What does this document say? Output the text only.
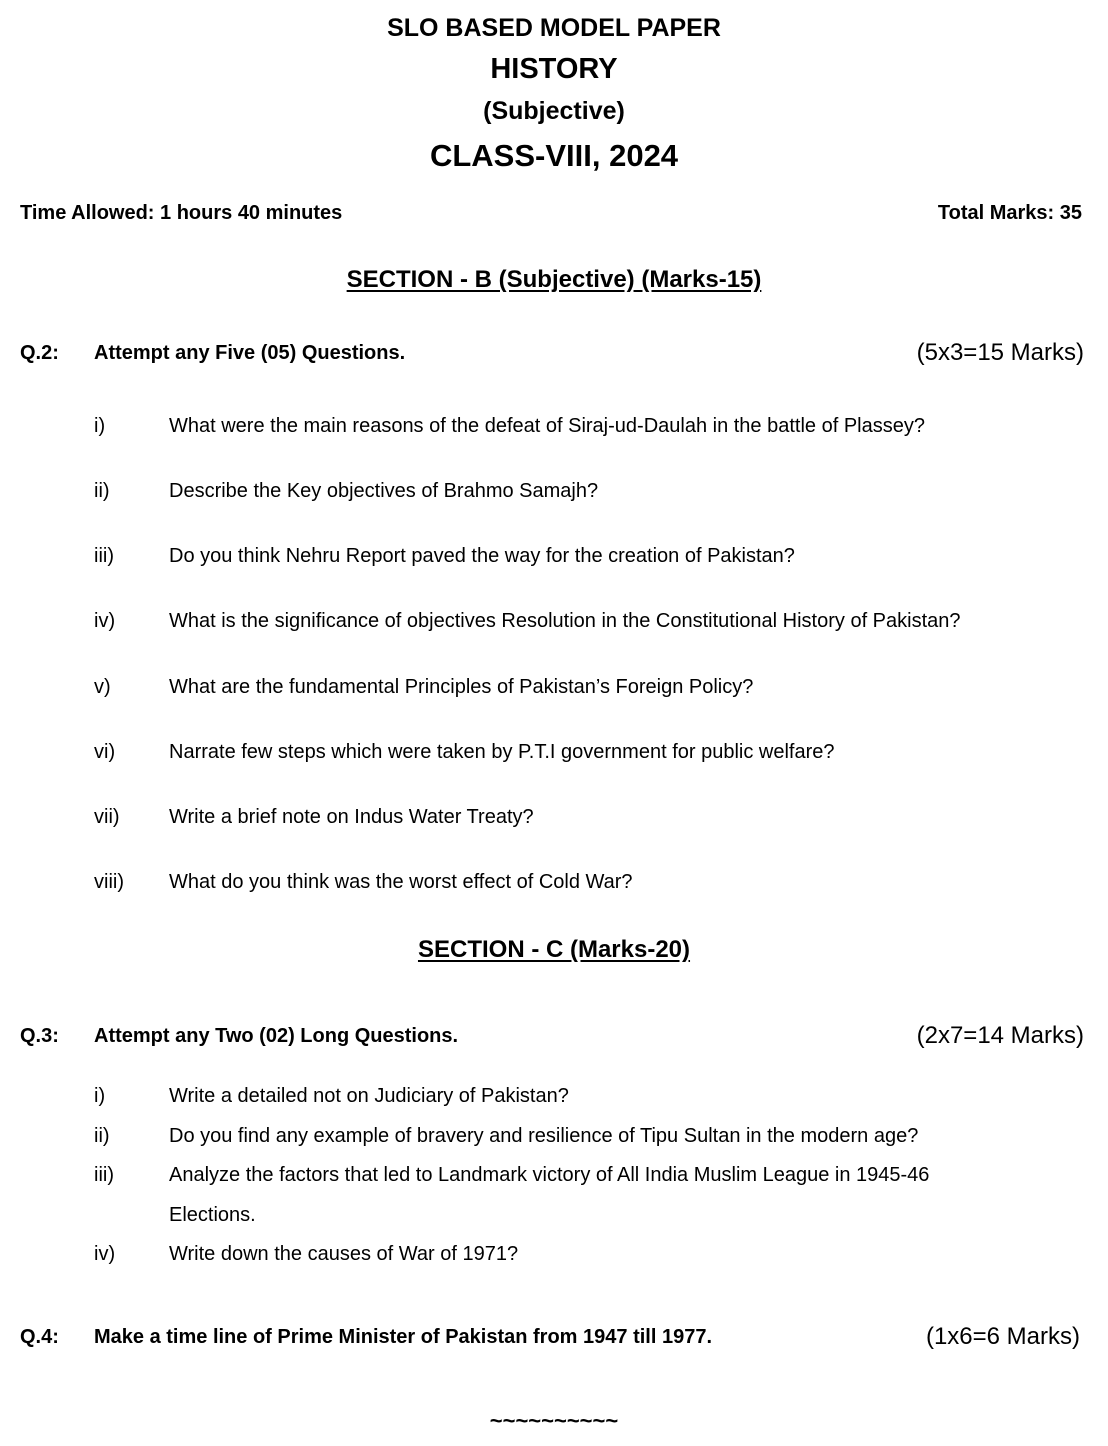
SLO BASED MODEL PAPER
HISTORY
(Subjective)
CLASS-VIII, 2024
Time Allowed: 1 hours 40 minutes	Total Marks: 35
SECTION - B (Subjective) (Marks-15)
Q.2: Attempt any Five (05) Questions.	(5x3=15 Marks)
i)	What were the main reasons of the defeat of Siraj-ud-Daulah in the battle of Plassey?
ii)	Describe the Key objectives of Brahmo Samajh?
iii)	Do you think Nehru Report paved the way for the creation of Pakistan?
iv)	What is the significance of objectives Resolution in the Constitutional History of Pakistan?
v)	What are the fundamental Principles of Pakistan’s Foreign Policy?
vi)	Narrate few steps which were taken by P.T.I government for public welfare?
vii) Write a brief note on Indus Water Treaty?
viii) What do you think was the worst effect of Cold War?
SECTION - C (Marks-20)
Q.3: Attempt any Two (02) Long Questions.	(2x7=14 Marks)
i)	Write a detailed not on Judiciary of Pakistan?
ii)	Do you find any example of bravery and resilience of Tipu Sultan in the modern age?
iii)	Analyze the factors that led to Landmark victory of All India Muslim League in 1945-46
Elections.
iv)	Write down the causes of War of 1971?
Q.4: Make a time line of Prime Minister of Pakistan from 1947 till 1977.	(1x6=6 Marks)
~~~~~~~~~~
